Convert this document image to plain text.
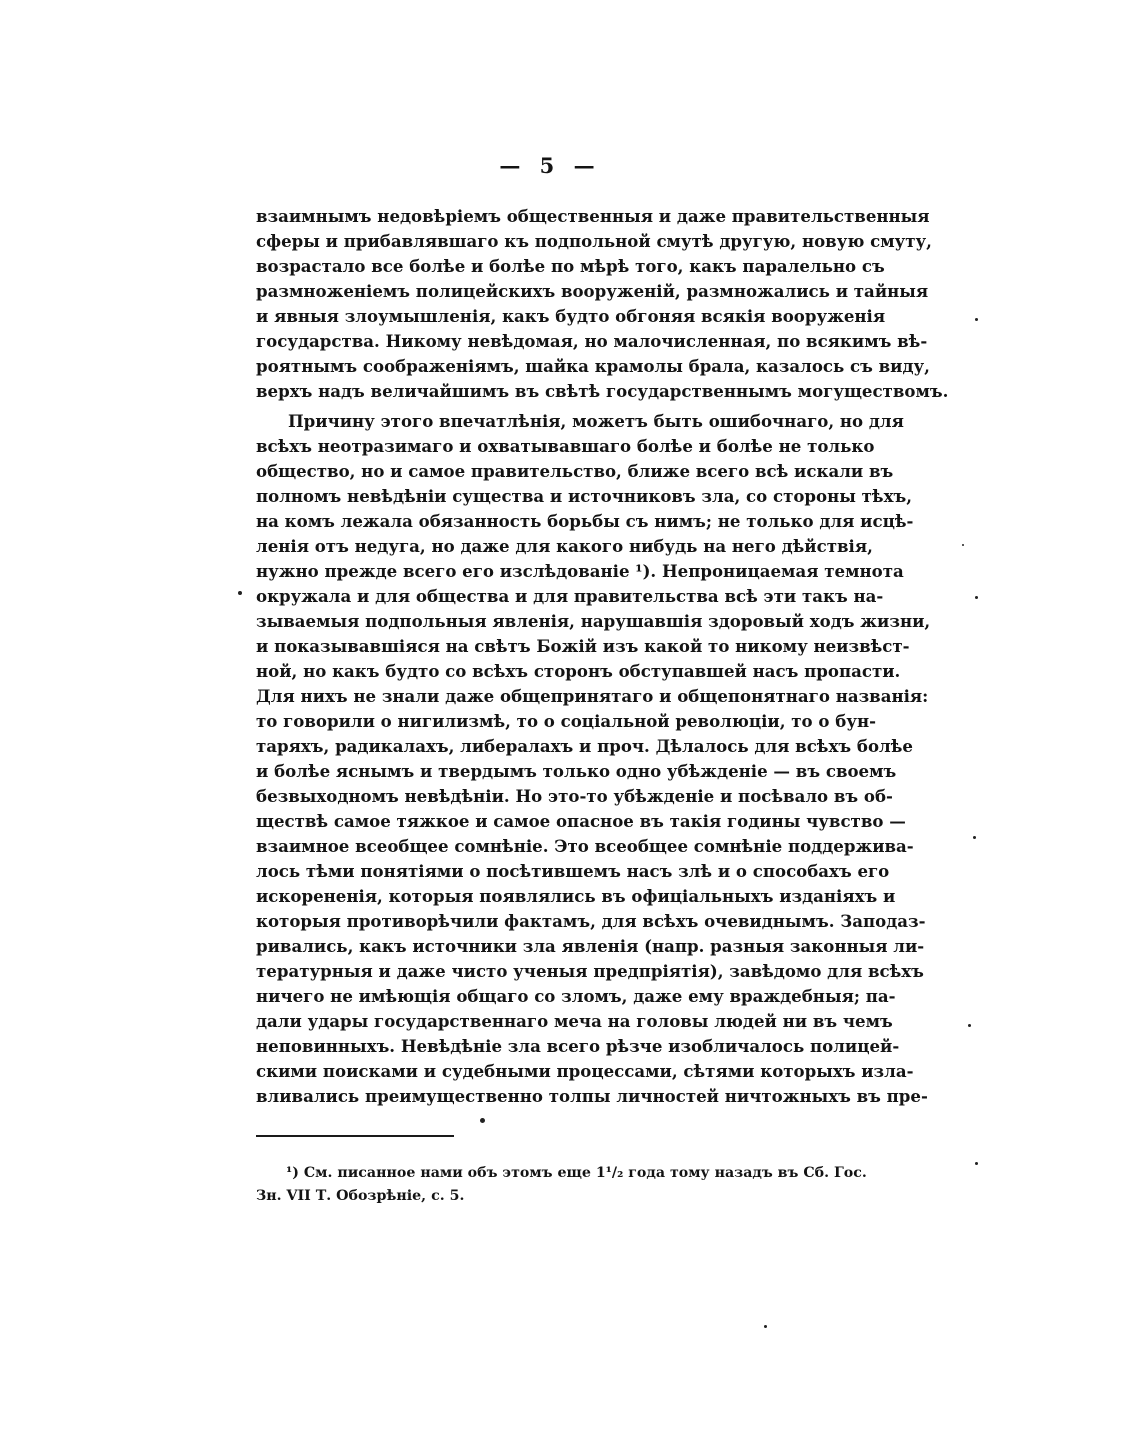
— 5 —
взаимнымъ недовѣріемъ общественныя и даже правительственныя
сферы и прибавлявшаго къ подпольной смутѣ другую, новую смуту,
возрастало все болѣе и болѣе по мѣрѣ того, какъ паралельно съ
размноженіемъ полицейскихъ вооруженій, размножались и тайныя
и явныя злоумышленія, какъ будто обгоняя всякія вооруженія
государства. Никому невѣдомая, но малочисленная, по всякимъ вѣ-
роятнымъ соображеніямъ, шайка крамолы брала, казалось съ виду,
верхъ надъ величайшимъ въ свѣтѣ государственнымъ могуществомъ.
Причину этого впечатлѣнія, можетъ быть ошибочнаго, но для
всѣхъ неотразимаго и охватывавшаго болѣе и болѣе не только
общество, но и самое правительство, ближе всего всѣ искали въ
полномъ невѣдѣніи существа и источниковъ зла, со стороны тѣхъ,
на комъ лежала обязанность борьбы съ нимъ; не только для исцѣ-
ленія отъ недуга, но даже для какого нибудь на него дѣйствія,
нужно прежде всего его изслѣдованіе ¹). Непроницаемая темнота
окружала и для общества и для правительства всѣ эти такъ на-
зываемыя подпольныя явленія, нарушавшія здоровый ходъ жизни,
и показывавшіяся на свѣтъ Божій изъ какой то никому неизвѣст-
ной, но какъ будто со всѣхъ сторонъ обступавшей насъ пропасти.
Для нихъ не знали даже общепринятаго и общепонятнаго названія:
то говорили о нигилизмѣ, то о соціальной революціи, то о бун-
таряхъ, радикалахъ, либералахъ и проч. Дѣлалось для всѣхъ болѣе
и болѣе яснымъ и твердымъ только одно убѣжденіе — въ своемъ
безвыходномъ невѣдѣніи. Но это-то убѣжденіе и посѣвало въ об-
ществѣ самое тяжкое и самое опасное въ такія годины чувство —
взаимное всеобщее сомнѣніе. Это всеобщее сомнѣніе поддержива-
лось тѣми понятіями о посѣтившемъ насъ злѣ и о способахъ его
искорененія, которыя появлялись въ офиціальныхъ изданіяхъ и
которыя противорѣчили фактамъ, для всѣхъ очевиднымъ. Заподаз-
ривались, какъ источники зла явленія (напр. разныя законныя ли-
тературныя и даже чисто ученыя предпріятія), завѣдомо для всѣхъ
ничего не имѣющія общаго со зломъ, даже ему враждебныя; па-
дали удары государственнаго меча на головы людей ни въ чемъ
неповинныхъ. Невѣдѣніе зла всего рѣзче изобличалось полицей-
скими поисками и судебными процессами, сѣтями которыхъ изла-
вливались преимущественно толпы личностей ничтожныхъ въ пре-
¹) См. писанное нами объ этомъ еще 1¹/₂ года тому назадъ въ Сб. Гос.
Зн. VII Т. Обозрѣніе, с. 5.
